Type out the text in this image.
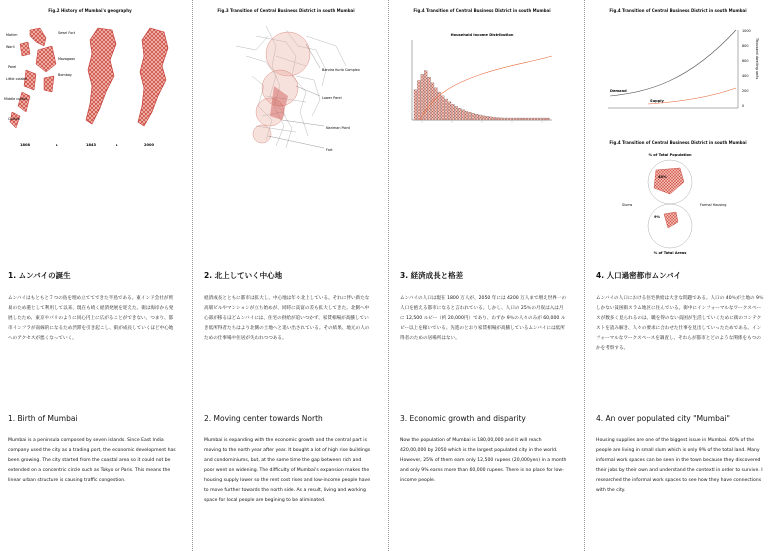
Fig.2 History of Mumbai's geography
Mahim
Worli
Parel
Little colaba
Middle colaba
Sewri Fort
Mazagaon
Bombay
Colaba
1808	▸	1843	▸	2000
1. ムンバイの誕生
ムンバイはもともと７つの島を埋め立ててできた半島である。東インド会社が貿易のため港として利用して以来、現在も続く経済発展を迎えた。街は海岸から発展したため、東京やパリのように同心円上に広がることができない。つまり、都市インフラが南線的になるため渋滞を引き起こし、街が成長していくほど中心地へのアクセスが悪くなっていく。
1. Birth of Mumbai
Mumbai is a peninsula composed by seven islands. Since East India company used the city as a trading port, the economic development has been growing. The city started from the coastal area so it could not be extended on a concentric circle such as Tokyo or Paris. This means the linear urban structure is causing traffic congestion.
Fig.3 Transition of Central Business District in south Mumbai
Bandra Kurla Complex
Lower Parel
Nariman Point
Fort
2. 北上していく中心地
経済成長とともに都市は拡大し、中心地は年々北上している。それに伴い新たな高層ビルやマンションが立ち始めが、同時に貧富の差も拡大してきた。北側へ中心部が移るほどムンバイには、住宅の供給が追いつかず、家賃相場が高騰していき低所得者たちはより北側の土地へと追い出されている。その結果、地元の人のための仕事場や住居が失われつつある。
2. Moving center towards North
Mumbai is expanding with the economic growth and the central part is moving to the north year after year. It bought a lot of high rise buildings and condominiums, but, at the same time the gap between rich and poor went on widening. The difficulty of Mumbai's expansion makes the housing supply lower so the rent cost rises and low-income people have to move further towards the north side. As a result, living and working space for local people are begining to be aliminated.
Fig.4 Transition of Central Business District in south Mumbai
Household Income Distribution
3. 経済成長と格差
ムンバイの人口は現在 1800 万人が、2050 年には 4200 万人まで増え世界一の人口を抱える都市になると言われている。しかし、人口の 25％の月収は入は月に 12,500 ルピー（約 20,000円）であり、わずか 9％の人々のみが 60,000 ルピー以上を稼いでいる。先進のとおり家賃相場が高騰しているムンバイには低所得者のための居場所はない。
3. Economic growth and disparity
Now the population of Mumbai is 180,00,000 and it will reach 420,00,000 by 2050 which is the largest populated city in the world. However, 25% of them earn only 12,500 rupees (20,000yen) in a month and only 9% earns more than 60,000 rupees. There is no place for low-income people.
Fig.4 Transition of Central Business District in south Mumbai
1000
800
600
400
200
0
Thousand dwelling units
Demand
Supply
Fig.4 Transition of Central Business District in south Mumbai
% of Total Population
40%
9%
Slums	Formal Housing
% of Total Areas
4. 人口過密都市ムンバイ
ムンバイの人口における住宅供給は大きな問題である。人口の 40％が土地の 9％ しかない貧困街スラム地区に住んでいる。街中にインフォーマルなワークスペースが数多く見られるのは、職を得のない貧困が生活していくために街のコンテクストを読み解き、人々の要求に合わせた仕事を見出していったためである。インフォーマルなワークスペースを調査し、それらが都市とどのような関係をもつのかを考察する。
4. An over populated city "Mumbai"
Housing supplies are one of the biggest issue in Mumbai. 40% of the people are living in small slum which is only 9% of the total land. Many informal work spaces can be seen in the town because they discovered their jobs by their own and understand the contextl in order to survive. I researched the informal work spaces to see how they have connections with the city.
